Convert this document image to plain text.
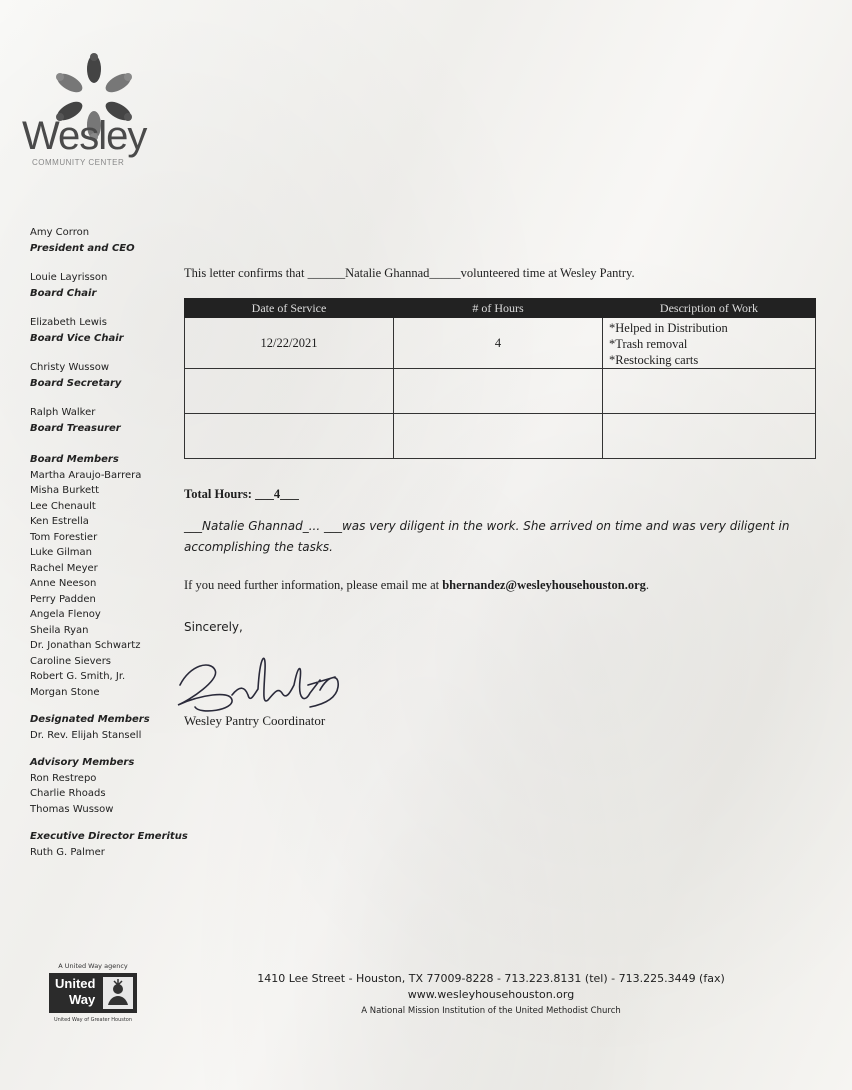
Wesley
COMMUNITY CENTER
Amy Corron
President and CEO
Louie Layrisson
Board Chair
Elizabeth Lewis
Board Vice Chair
Christy Wussow
Board Secretary
Ralph Walker
Board Treasurer
Board Members
Martha Araujo-Barrera
Misha Burkett
Lee Chenault
Ken Estrella
Tom Forestier
Luke Gilman
Rachel Meyer
Anne Neeson
Perry Padden
Angela Flenoy
Sheila Ryan
Dr. Jonathan Schwartz
Caroline Sievers
Robert G. Smith, Jr.
Morgan Stone
Designated Members
Dr. Rev. Elijah Stansell
Advisory Members
Ron Restrepo
Charlie Rhoads
Thomas Wussow
Executive Director Emeritus
Ruth G. Palmer
This letter confirms that ______Natalie Ghannad_____volunteered time at Wesley Pantry.
Date of Service	# of Hours	Description of Work
12/22/2021	4	*Helped in Distribution
*Trash removal
*Restocking carts

Total Hours: ___4___
___Natalie Ghannad_... ___was very diligent in the work. She arrived on time and was very diligent in accomplishing the tasks.
If you need further information, please email me at bhernandez@wesleyhousehouston.org.
Sincerely,
Wesley Pantry Coordinator
A United Way agency
United
Way
United Way of Greater Houston
1410 Lee Street - Houston, TX 77009-8228 - 713.223.8131 (tel) - 713.225.3449 (fax)
www.wesleyhousehouston.org
A National Mission Institution of the United Methodist Church
